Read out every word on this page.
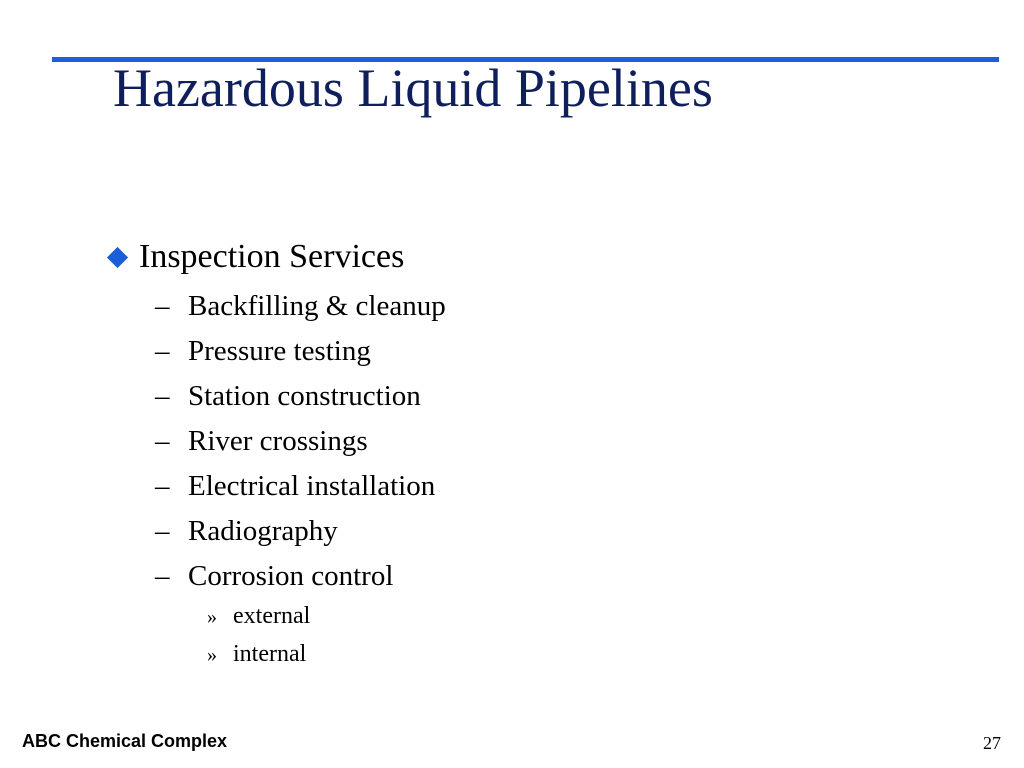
Hazardous Liquid Pipelines
Inspection Services
– Backfilling & cleanup
– Pressure testing
– Station construction
– River crossings
– Electrical installation
– Radiography
– Corrosion control
» external
» internal
ABC Chemical Complex	27
